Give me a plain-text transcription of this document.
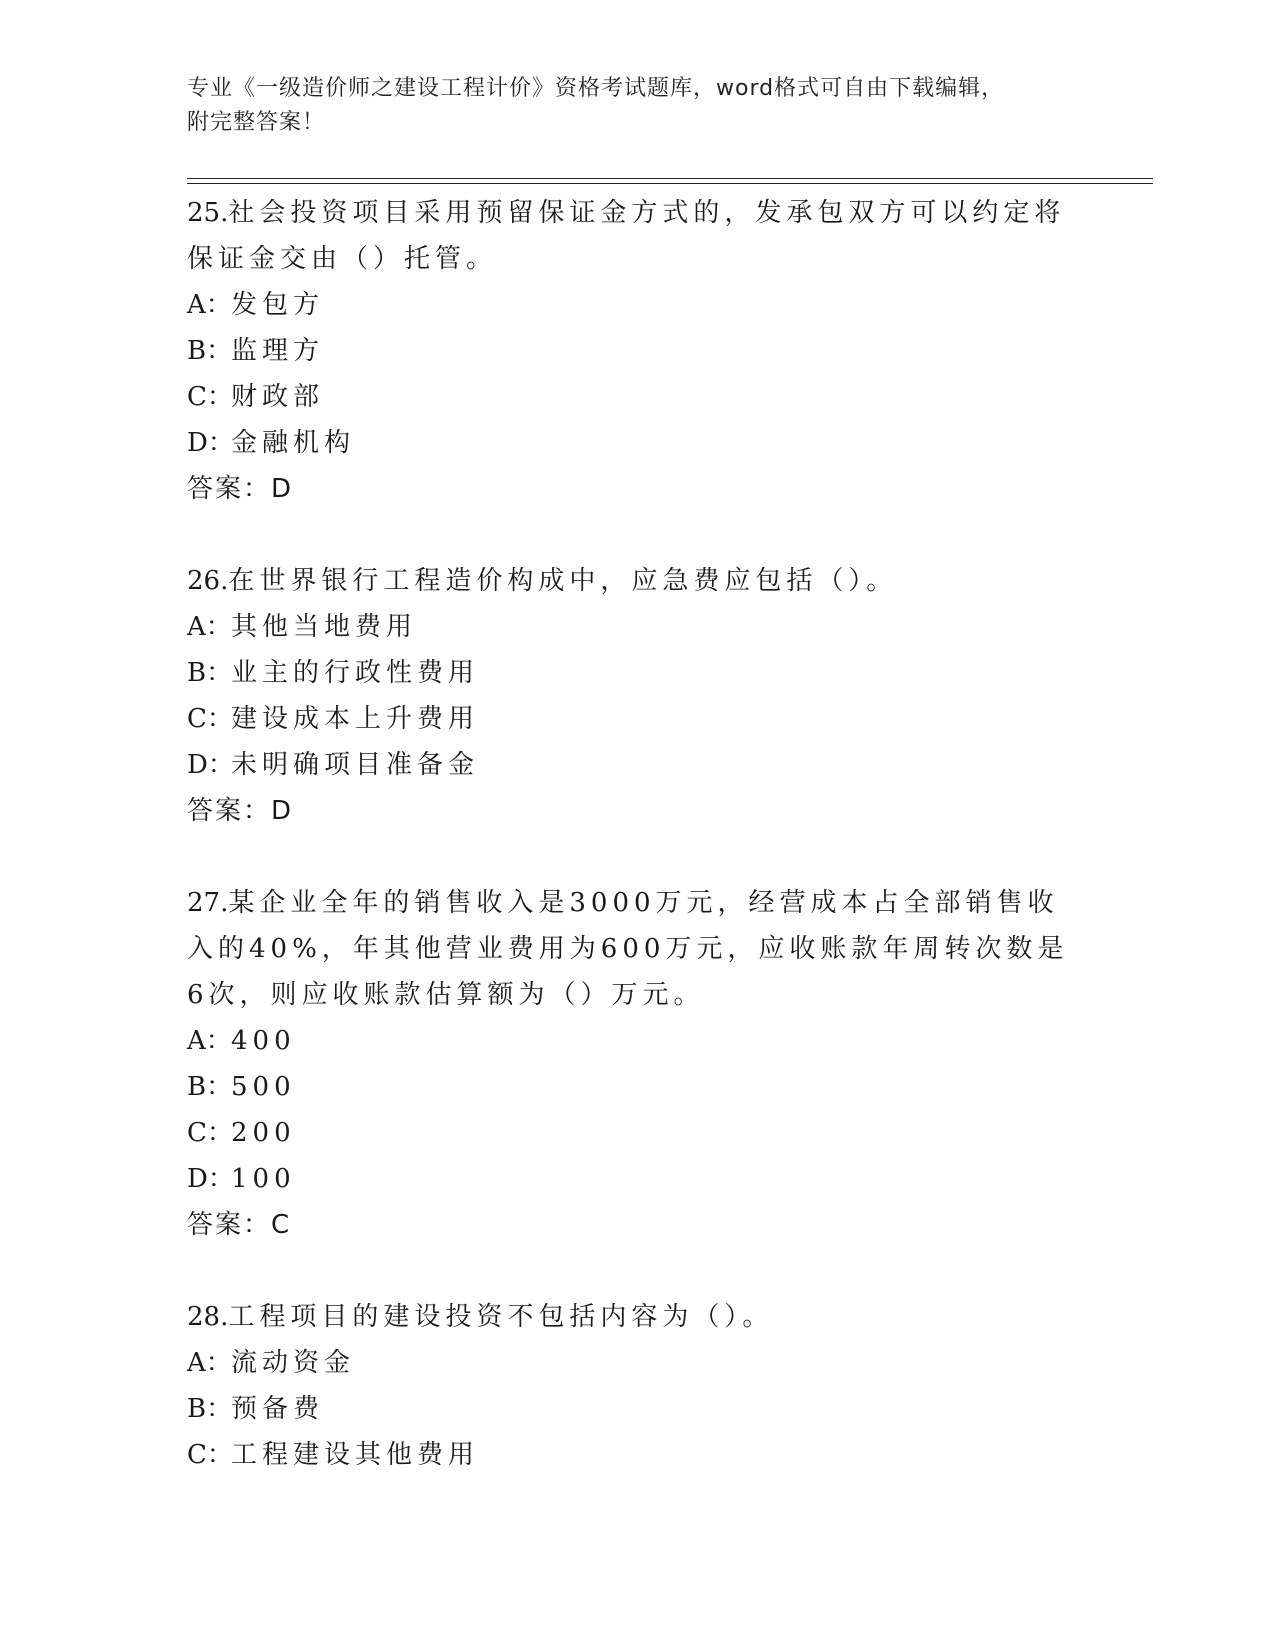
专业《一级造价师之建设工程计价》资格考试题库，word格式可自由下载编辑，
附完整答案！

25.社会投资项目采用预留保证金方式的，发承包双方可以约定将保证金交由（）托管。

A：发包方
B：监理方
C：财政部
D：金融机构
答案：D

26.在世界银行工程造价构成中，应急费应包括（）。

A：其他当地费用
B：业主的行政性费用
C：建设成本上升费用
D：未明确项目准备金
答案：D

27.某企业全年的销售收入是3000万元，经营成本占全部销售收入的40%，年其他营业费用为600万元，应收账款年周转次数是6次，则应收账款估算额为（）万元。

A：400
B：500
C：200
D：100
答案：C

28.工程项目的建设投资不包括内容为（）。

A：流动资金
B：预备费
C：工程建设其他费用
